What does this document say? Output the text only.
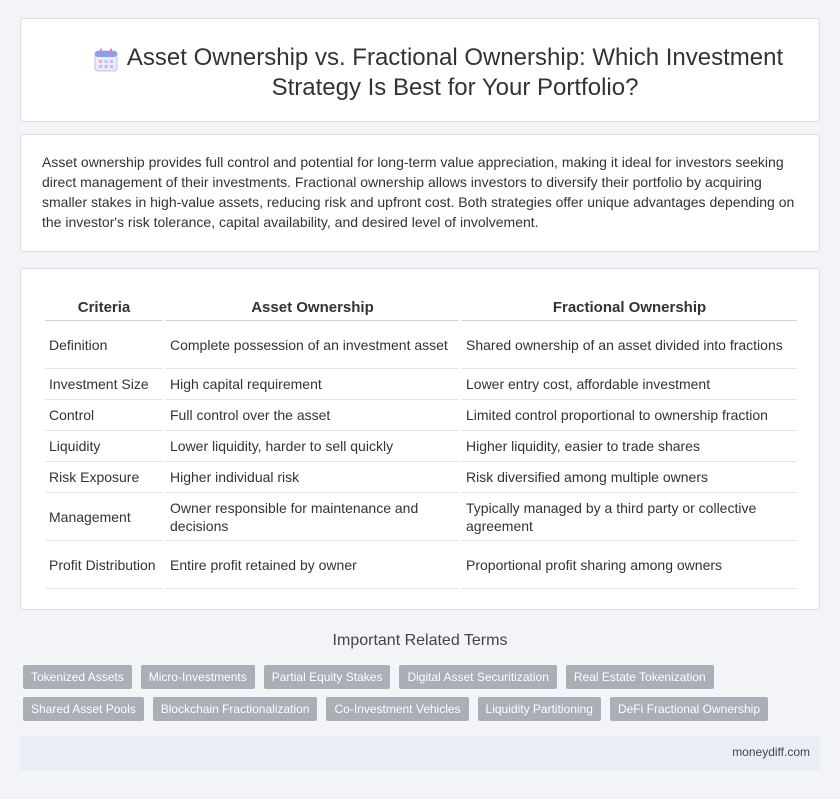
Asset Ownership vs. Fractional Ownership: Which Investment Strategy Is Best for Your Portfolio?

Asset ownership provides full control and potential for long-term value appreciation, making it ideal for investors seeking direct management of their investments. Fractional ownership allows investors to diversify their portfolio by acquiring smaller stakes in high-value assets, reducing risk and upfront cost. Both strategies offer unique advantages depending on the investor's risk tolerance, capital availability, and desired level of involvement.

Criteria	Asset Ownership	Fractional Ownership
Definition	Complete possession of an investment asset	Shared ownership of an asset divided into fractions
Investment Size	High capital requirement	Lower entry cost, affordable investment
Control	Full control over the asset	Limited control proportional to ownership fraction
Liquidity	Lower liquidity, harder to sell quickly	Higher liquidity, easier to trade shares
Risk Exposure	Higher individual risk	Risk diversified among multiple owners
Management	Owner responsible for maintenance and decisions	Typically managed by a third party or collective agreement
Profit Distribution	Entire profit retained by owner	Proportional profit sharing among owners
Important Related Terms
Tokenized Assets	Micro-Investments	Partial Equity Stakes	Digital Asset Securitization	Real Estate Tokenization
Shared Asset Pools	Blockchain Fractionalization	Co-Investment Vehicles	Liquidity Partitioning	DeFi Fractional Ownership
moneydiff.com
